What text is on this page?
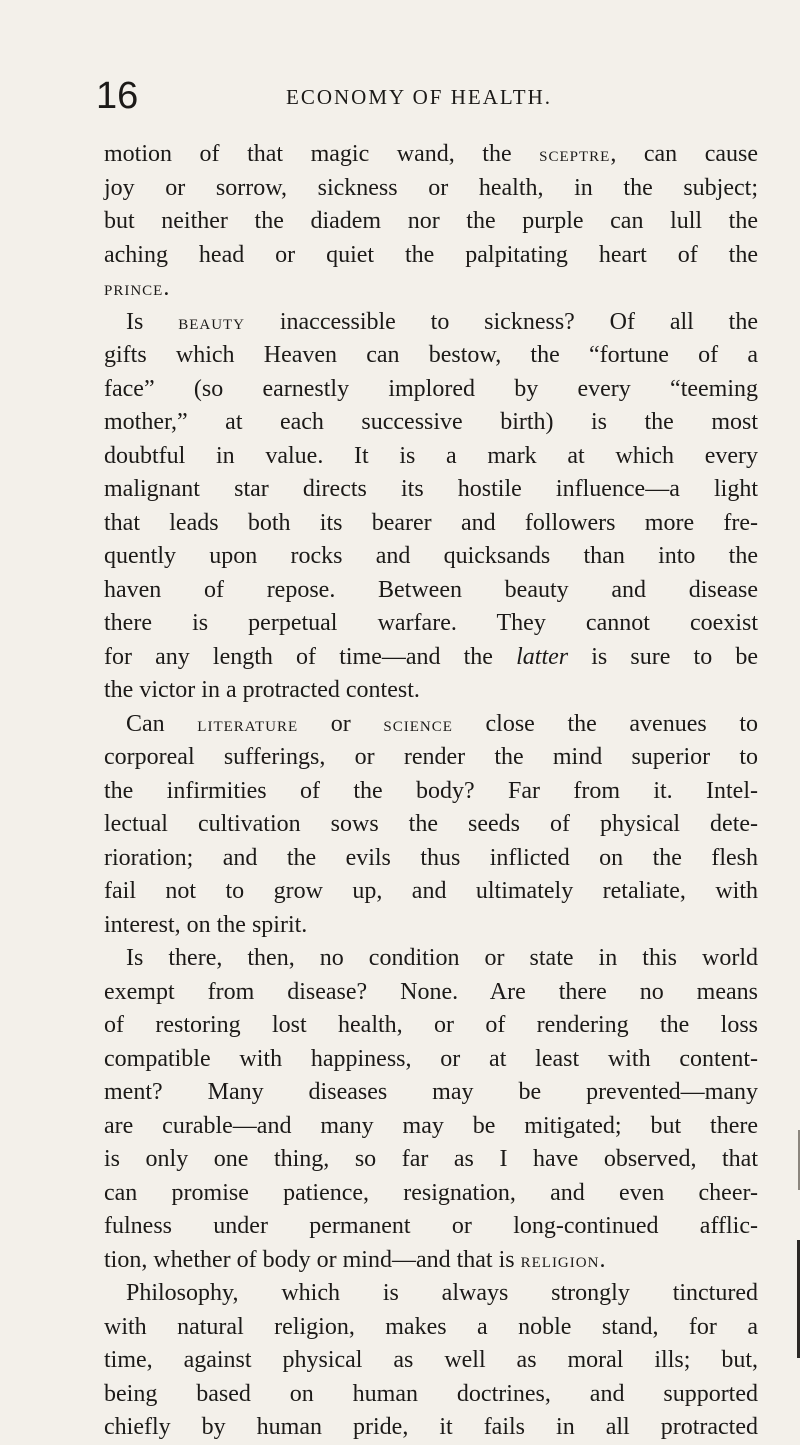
16	ECONOMY OF HEALTH.
motion of that magic wand, the SCEPTRE, can cause
joy or sorrow, sickness or health, in the subject;
but neither the diadem nor the purple can lull the
aching head or quiet the palpitating heart of the
PRINCE.
Is BEAUTY inaccessible to sickness? Of all the
gifts which Heaven can bestow, the “fortune of a
face” (so earnestly implored by every “teeming
mother,” at each successive birth) is the most
doubtful in value. It is a mark at which every
malignant star directs its hostile influence—a light
that leads both its bearer and followers more fre-
quently upon rocks and quicksands than into the
haven of repose. Between beauty and disease
there is perpetual warfare. They cannot coexist
for any length of time—and the latter is sure to be
the victor in a protracted contest.
Can LITERATURE or SCIENCE close the avenues to
corporeal sufferings, or render the mind superior to
the infirmities of the body? Far from it. Intel-
lectual cultivation sows the seeds of physical dete-
rioration; and the evils thus inflicted on the flesh
fail not to grow up, and ultimately retaliate, with
interest, on the spirit.
Is there, then, no condition or state in this world
exempt from disease? None. Are there no means
of restoring lost health, or of rendering the loss
compatible with happiness, or at least with content-
ment? Many diseases may be prevented—many
are curable—and many may be mitigated; but there
is only one thing, so far as I have observed, that
can promise patience, resignation, and even cheer-
fulness under permanent or long-continued afflic-
tion, whether of body or mind—and that is RELIGION.
Philosophy, which is always strongly tinctured
with natural religion, makes a noble stand, for a
time, against physical as well as moral ills; but,
being based on human doctrines, and supported
chiefly by human pride, it fails in all protracted
